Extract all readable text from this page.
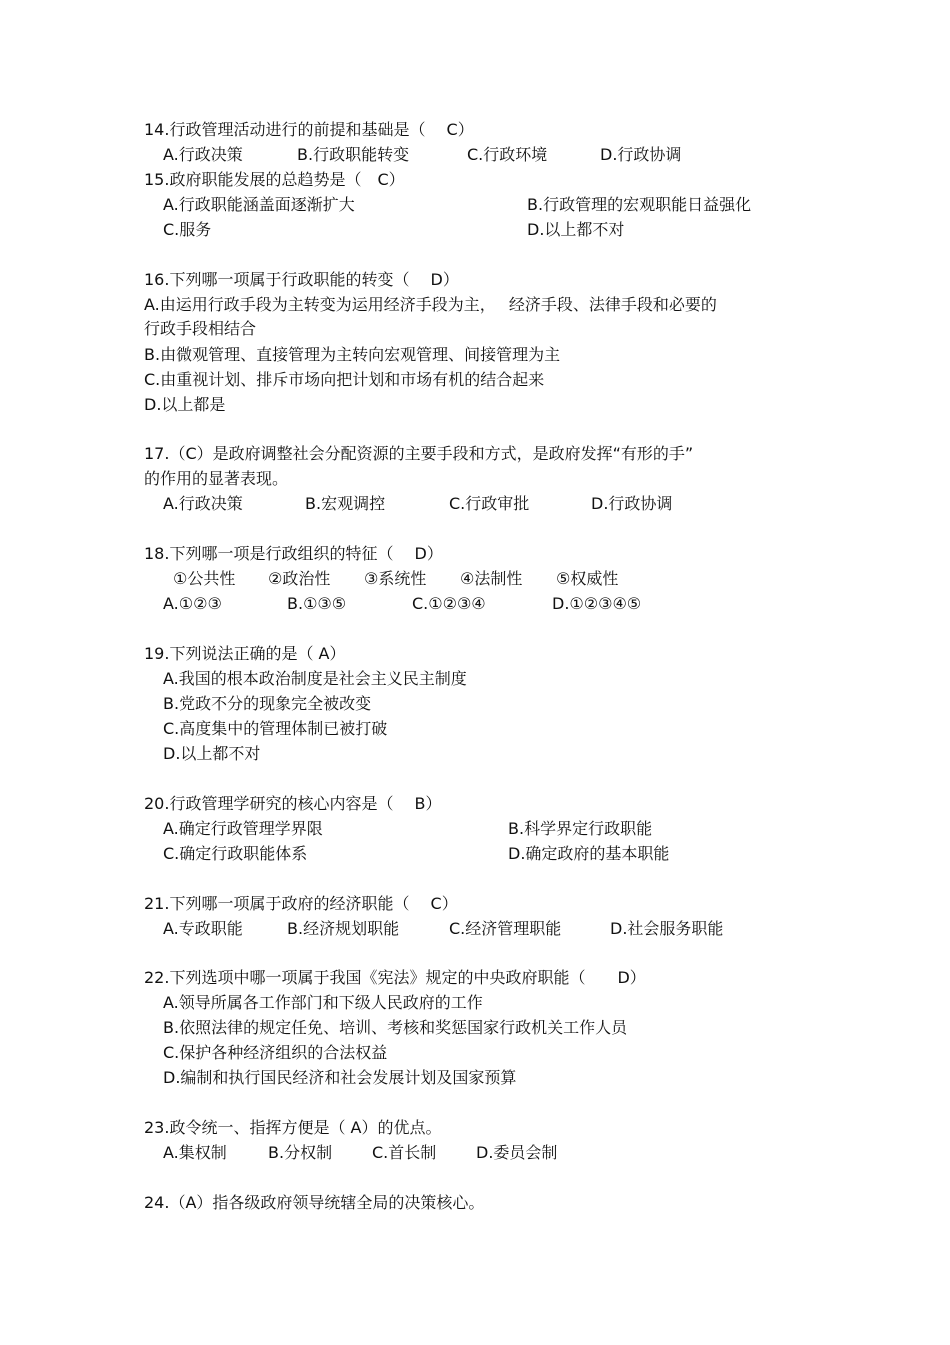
14.行政管理活动进行的前提和基础是（　 C）
A.行政决策	B.行政职能转变	C.行政环境	D.行政协调
15.政府职能发展的总趋势是（　C）
A.行政职能涵盖面逐渐扩大	B.行政管理的宏观职能日益强化
C.服务	D.以上都不对
16.下列哪一项属于行政职能的转变（　 D）
A.由运用行政手段为主转变为运用经济手段为主，　 经济手段、法律手段和必要的
行政手段相结合
B.由微观管理、直接管理为主转向宏观管理、间接管理为主
C.由重视计划、排斥市场向把计划和市场有机的结合起来
D.以上都是
17.（C）是政府调整社会分配资源的主要手段和方式，是政府发挥“有形的手”
的作用的显著表现。
A.行政决策	B.宏观调控	C.行政审批	D.行政协调
18.下列哪一项是行政组织的特征（　 D）
①公共性 ②政治性 ③系统性 ④法制性 ⑤权威性
A.①②③	B.①③⑤	C.①②③④	D.①②③④⑤
19.下列说法正确的是（ A）
A.我国的根本政治制度是社会主义民主制度
B.党政不分的现象完全被改变
C.高度集中的管理体制已被打破
D.以上都不对
20.行政管理学研究的核心内容是（　 B）
A.确定行政管理学界限	B.科学界定行政职能
C.确定行政职能体系	D.确定政府的基本职能
21.下列哪一项属于政府的经济职能（　 C）
A.专政职能	B.经济规划职能	C.经济管理职能	D.社会服务职能
22.下列选项中哪一项属于我国《宪法》规定的中央政府职能（　　D）
A.领导所属各工作部门和下级人民政府的工作
B.依照法律的规定任免、培训、考核和奖惩国家行政机关工作人员
C.保护各种经济组织的合法权益
D.编制和执行国民经济和社会发展计划及国家预算
23.政令统一、指挥方便是（ A）的优点。
A.集权制	B.分权制 C.首长制 D.委员会制
24.（A）指各级政府领导统辖全局的决策核心。
